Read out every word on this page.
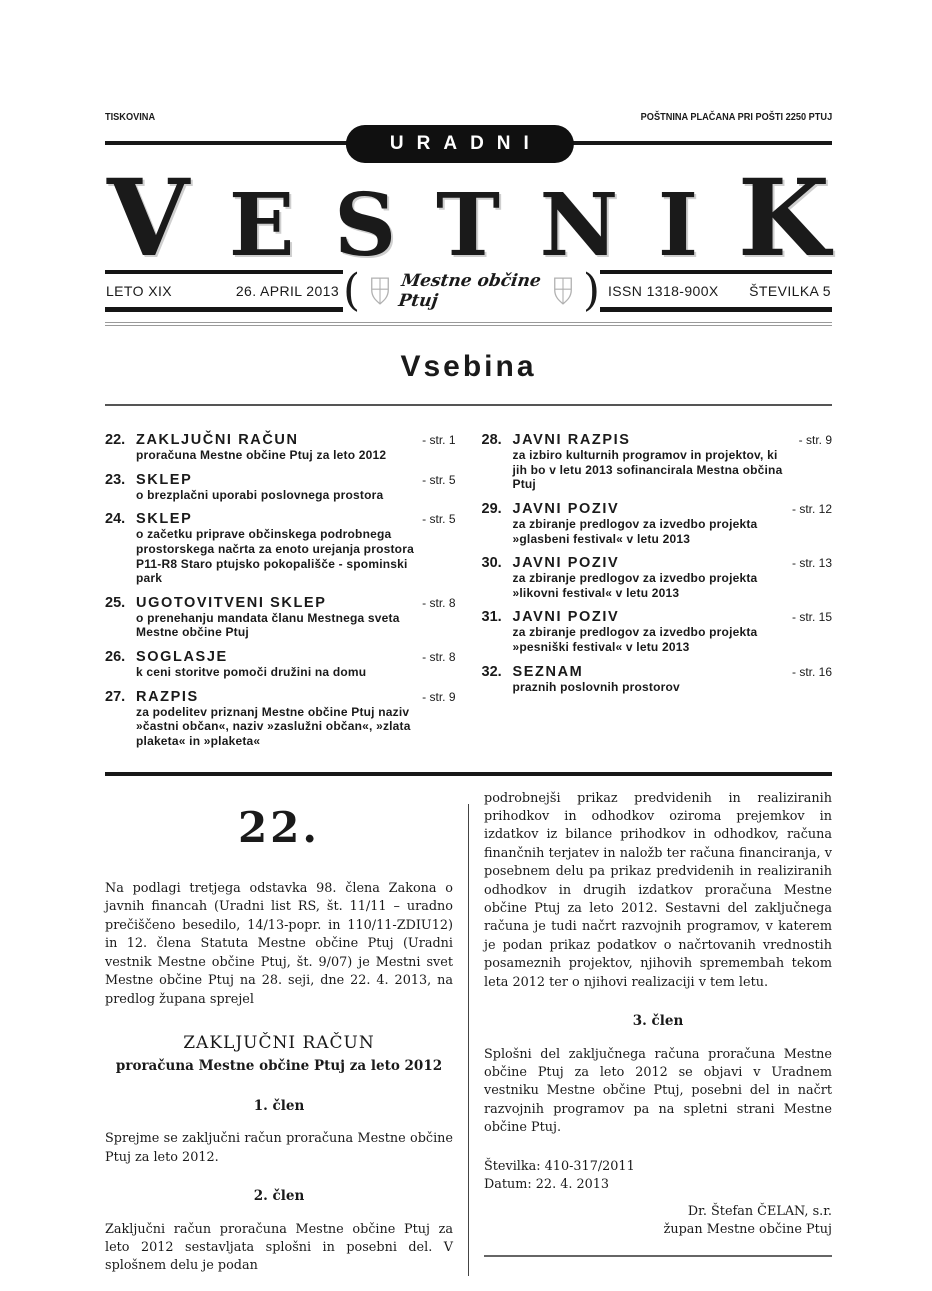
TISKOVINA	POŠTNINA PLAČANA PRI POŠTI 2250 PTUJ
URADNI
V E S T N I K
LETO XIX	26. APRIL 2013 ( Mestne občine Ptuj	) ISSN 1318-900X ŠTEVILKA 5
Vsebina
22. ZAKLJUČNI RAČUN	- str. 1
proračuna Mestne občine Ptuj za leto 2012
23. SKLEP	- str. 5
o brezplačni uporabi poslovnega prostora
24. SKLEP	- str. 5
o začetku priprave občinskega podrobnega prostorskega načrta za enoto urejanja prostora P11-R8 Staro ptujsko pokopališče - spominski park
25. UGOTOVITVENI SKLEP	- str. 8
o prenehanju mandata članu Mestnega sveta Mestne občine Ptuj
26. SOGLASJE	- str. 8
k ceni storitve pomoči družini na domu
27. RAZPIS	- str. 9
za podelitev priznanj Mestne občine Ptuj naziv »častni občan«, naziv »zaslužni občan«, »zlata plaketa« in »plaketa«
28. JAVNI RAZPIS	- str. 9
za izbiro kulturnih programov in projektov, ki jih bo v letu 2013 sofinancirala Mestna občina Ptuj
29. JAVNI POZIV	- str. 12
za zbiranje predlogov za izvedbo projekta »glasbeni festival« v letu 2013
30. JAVNI POZIV	- str. 13
za zbiranje predlogov za izvedbo projekta »likovni festival« v letu 2013
31. JAVNI POZIV	- str. 15
za zbiranje predlogov za izvedbo projekta »pesniški festival« v letu 2013
32. SEZNAM	- str. 16
praznih poslovnih prostorov
22.

Na podlagi tretjega odstavka 98. člena Zakona o javnih financah (Uradni list RS, št. 11/11 – uradno prečiščeno besedilo, 14/13-popr. in 110/11-ZDIU12) in 12. člena Statuta Mestne občine Ptuj (Uradni vestnik Mestne občine Ptuj, št. 9/07) je Mestni svet Mestne občine Ptuj na 28. seji, dne 22. 4. 2013, na predlog župana sprejel

ZAKLJUČNI RAČUN
proračuna Mestne občine Ptuj za leto 2012
1. člen

Sprejme se zaključni račun proračuna Mestne občine Ptuj za leto 2012.

2. člen

Zaključni račun proračuna Mestne občine Ptuj za leto 2012 sestavljata splošni in posebni del. V splošnem delu je podan

podrobnejši prikaz predvidenih in realiziranih prihodkov in odhodkov oziroma prejemkov in izdatkov iz bilance prihodkov in odhodkov, računa finančnih terjatev in naložb ter računa financiranja, v posebnem delu pa prikaz predvidenih in realiziranih odhodkov in drugih izdatkov proračuna Mestne občine Ptuj za leto 2012. Sestavni del zaključnega računa je tudi načrt razvojnih programov, v katerem je podan prikaz podatkov o načrtovanih vrednostih posameznih projektov, njihovih spremembah tekom leta 2012 ter o njihovi realizaciji v tem letu.

3. člen

Splošni del zaključnega računa proračuna Mestne občine Ptuj za leto 2012 se objavi v Uradnem vestniku Mestne občine Ptuj, posebni del in načrt razvojnih programov pa na spletni strani Mestne občine Ptuj.

Številka: 410-317/2011
Datum: 22. 4. 2013
Dr. Štefan ČELAN, s.r.
župan Mestne občine Ptuj
